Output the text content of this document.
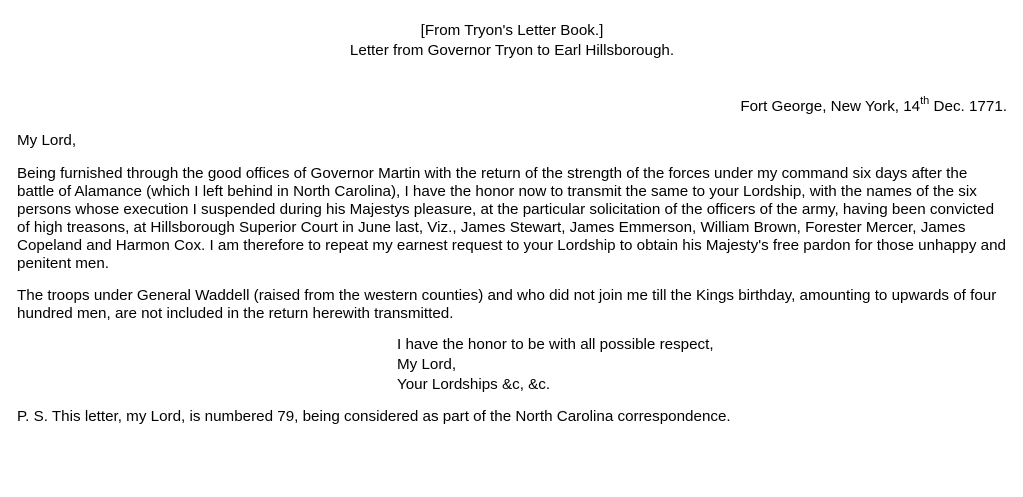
[From Tryon's Letter Book.]
Letter from Governor Tryon to Earl Hillsborough.
Fort George, New York, 14th Dec. 1771.
My Lord,

Being furnished through the good offices of Governor Martin with the return of the strength of the forces under my command six days after the battle of Alamance (which I left behind in North Carolina), I have the honor now to transmit the same to your Lordship, with the names of the six persons whose execution I suspended during his Majestys pleasure, at the particular solicitation of the officers of the army, having been convicted of high treasons, at Hillsborough Superior Court in June last, Viz., James Stewart, James Emmerson, William Brown, Forester Mercer, James Copeland and Harmon Cox. I am therefore to repeat my earnest request to your Lordship to obtain his Majesty's free pardon for those unhappy and penitent men.

The troops under General Waddell (raised from the western counties) and who did not join me till the Kings birthday, amounting to upwards of four hundred men, are not included in the return herewith transmitted.

I have the honor to be with all possible respect,
My Lord,
Your Lordships &c, &c.
P. S. This letter, my Lord, is numbered 79, being considered as part of the North Carolina correspondence.
